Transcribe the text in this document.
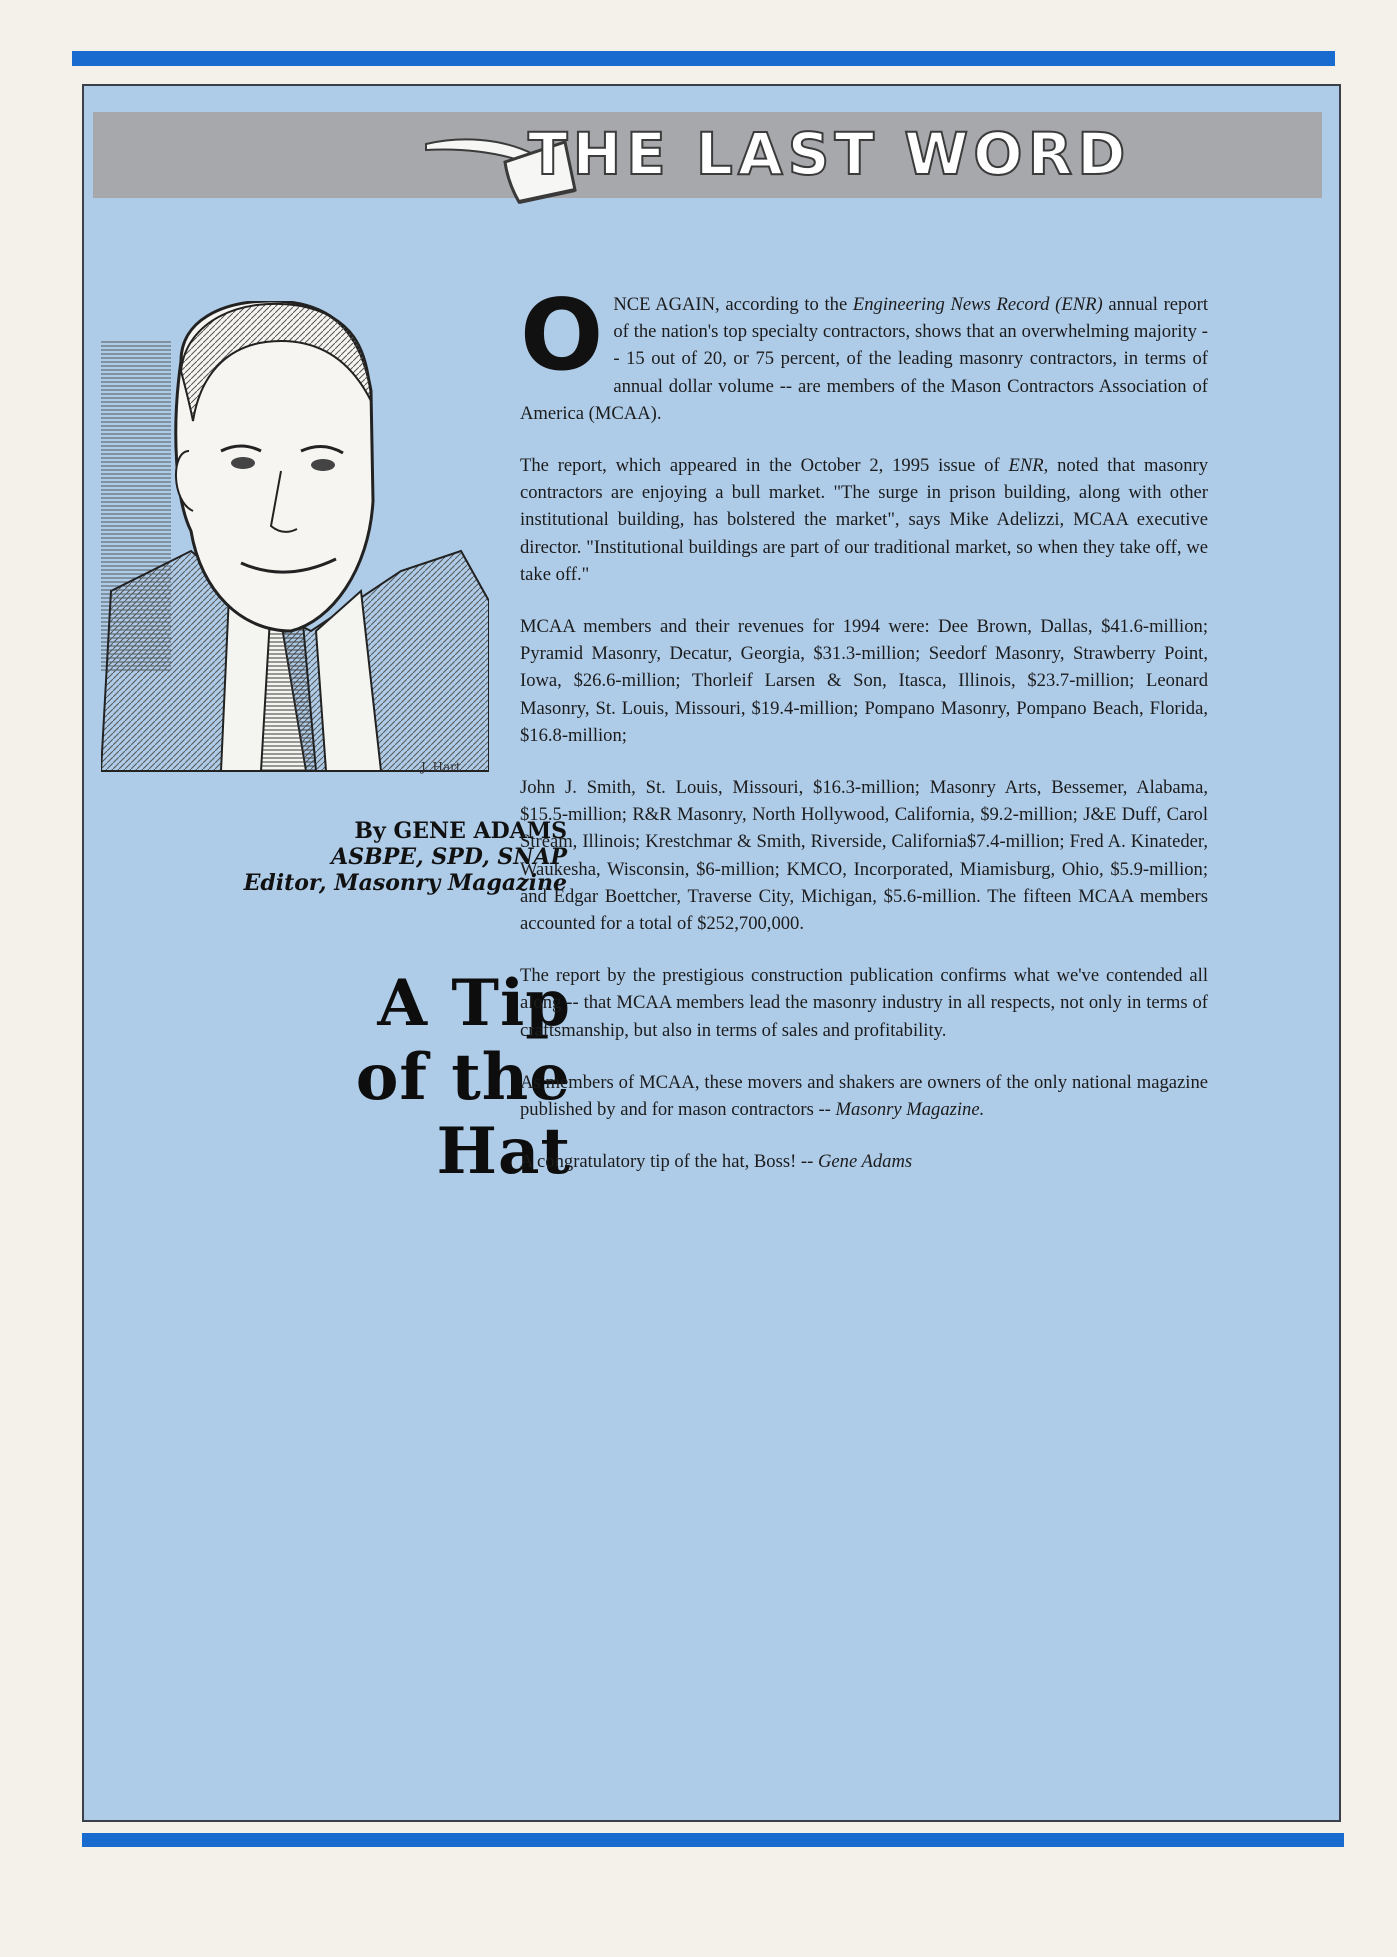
THE LAST WORD
J. Hart
By GENE ADAMS
ASBPE, SPD, SNAP
Editor, Masonry Magazine
A Tip
of the
Hat

ONCE AGAIN, according to the Engineering News Record (ENR) annual report of the nation's top specialty contractors, shows that an overwhelming majority -- 15 out of 20, or 75 percent, of the leading masonry contractors, in terms of annual dollar volume -- are members of the Mason Contractors Association of America (MCAA).

The report, which appeared in the October 2, 1995 issue of ENR, noted that masonry contractors are enjoying a bull market. "The surge in prison building, along with other institutional building, has bolstered the market", says Mike Adelizzi, MCAA executive director. "Institutional buildings are part of our traditional market, so when they take off, we take off."

MCAA members and their revenues for 1994 were: Dee Brown, Dallas, $41.6-million; Pyramid Masonry, Decatur, Georgia, $31.3-million; Seedorf Masonry, Strawberry Point, Iowa, $26.6-million; Thorleif Larsen & Son, Itasca, Illinois, $23.7-million; Leonard Masonry, St. Louis, Missouri, $19.4-million; Pompano Masonry, Pompano Beach, Florida, $16.8-million;

John J. Smith, St. Louis, Missouri, $16.3-million; Masonry Arts, Bessemer, Alabama, $15.5-million; R&R Masonry, North Hollywood, California, $9.2-million; J&E Duff, Carol Stream, Illinois; Krestchmar & Smith, Riverside, California$7.4-million; Fred A. Kinateder, Waukesha, Wisconsin, $6-million; KMCO, Incorporated, Miamisburg, Ohio, $5.9-million; and Edgar Boettcher, Traverse City, Michigan, $5.6-million. The fifteen MCAA members accounted for a total of $252,700,000.

The report by the prestigious construction publication confirms what we've contended all along -- that MCAA members lead the masonry industry in all respects, not only in terms of craftsmanship, but also in terms of sales and profitability.

As members of MCAA, these movers and shakers are owners of the only national magazine published by and for mason contractors -- Masonry Magazine.

A congratulatory tip of the hat, Boss! -- Gene Adams
